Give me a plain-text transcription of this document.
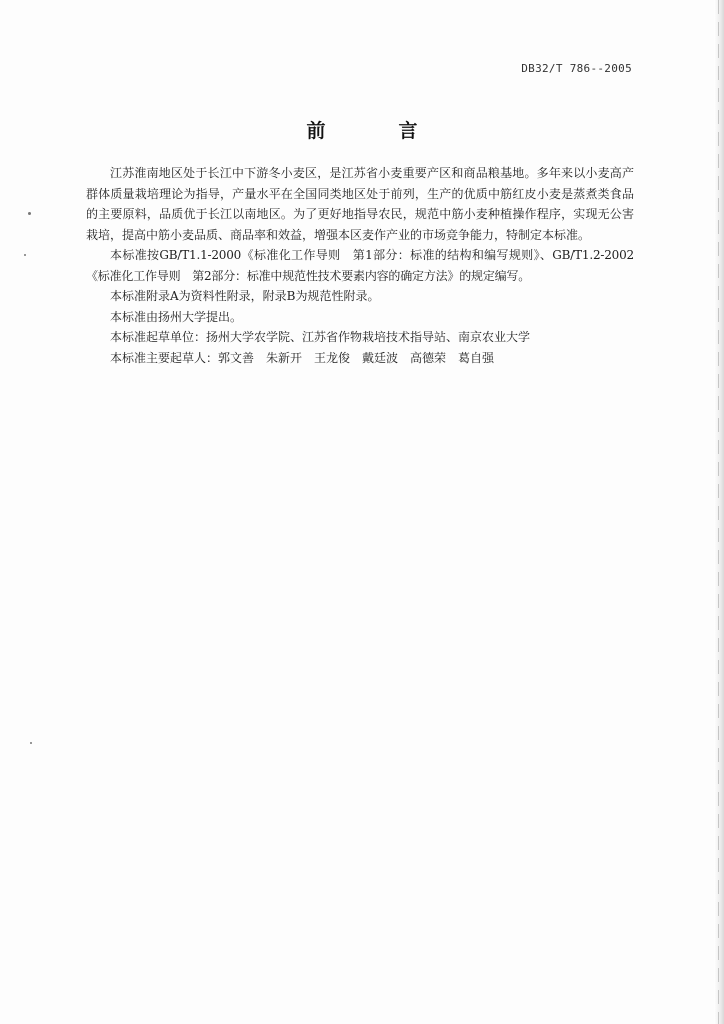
DB32/T 786--2005
前	言

江苏淮南地区处于长江中下游冬小麦区，是江苏省小麦重要产区和商品粮基地。多年来以小麦高产群体质量栽培理论为指导，产量水平在全国同类地区处于前列，生产的优质中筋红皮小麦是蒸煮类食品的主要原料，品质优于长江以南地区。为了更好地指导农民，规范中筋小麦种植操作程序，实现无公害栽培，提高中筋小麦品质、商品率和效益，增强本区麦作产业的市场竞争能力，特制定本标准。

本标准按GB/T1.1-2000《标准化工作导则　第1部分：标准的结构和编写规则》、GB/T1.2-2002《标准化工作导则　第2部分：标准中规范性技术要素内容的确定方法》的规定编写。

本标准附录A为资料性附录，附录B为规范性附录。

本标准由扬州大学提出。

本标准起草单位：扬州大学农学院、江苏省作物栽培技术指导站、南京农业大学

本标准主要起草人：郭文善　朱新开　王龙俊　戴廷波　高德荣　葛自强
